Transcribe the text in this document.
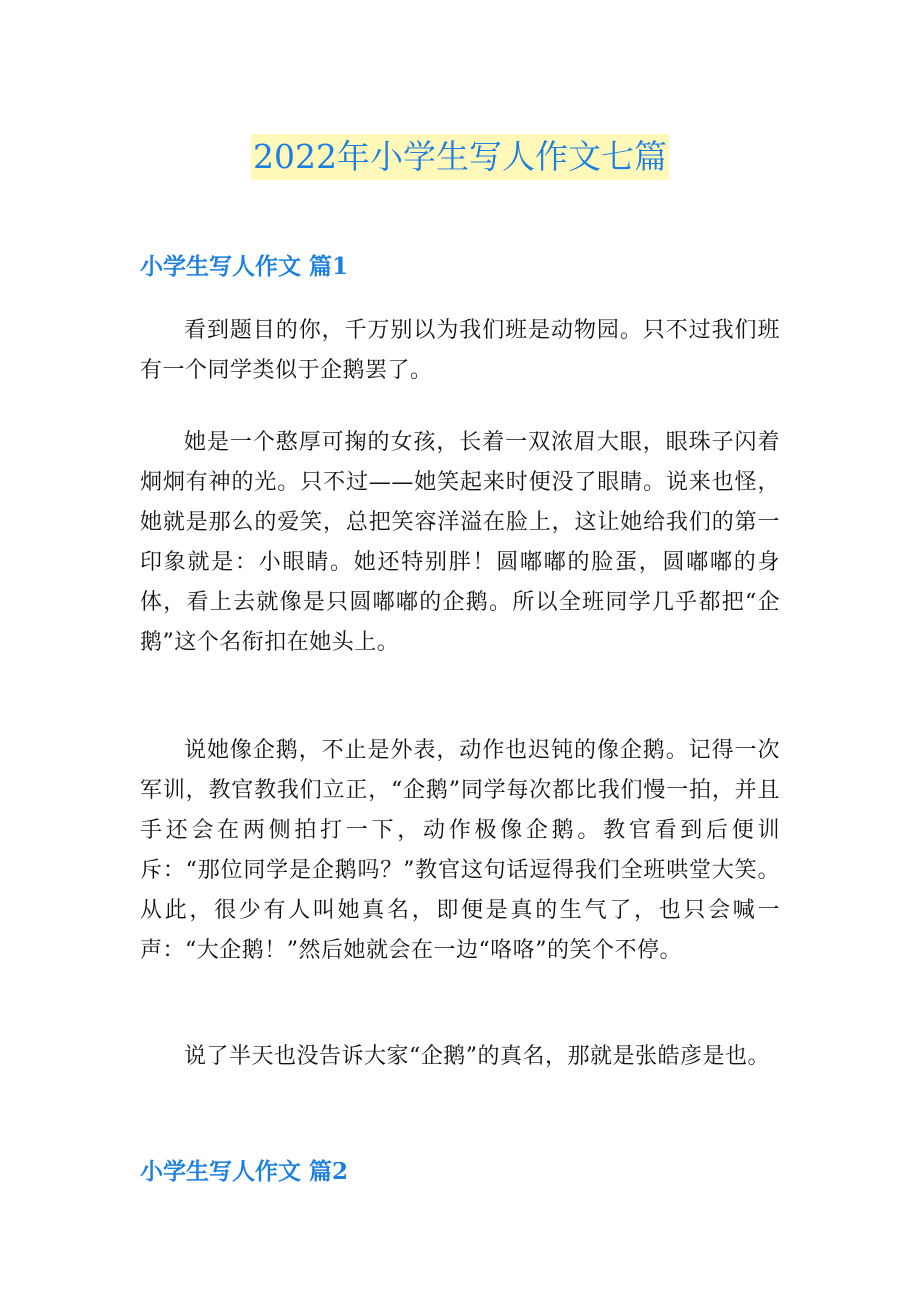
2022年小学生写人作文七篇
小学生写人作文 篇1
看到题目的你，千万别以为我们班是动物园。只不过我们班有一个同学类似于企鹅罢了。
她是一个憨厚可掬的女孩，长着一双浓眉大眼，眼珠子闪着炯炯有神的光。只不过——她笑起来时便没了眼睛。说来也怪，她就是那么的爱笑，总把笑容洋溢在脸上，这让她给我们的第一印象就是：小眼睛。她还特别胖！圆嘟嘟的脸蛋，圆嘟嘟的身体，看上去就像是只圆嘟嘟的企鹅。所以全班同学几乎都把“企鹅”这个名衔扣在她头上。
说她像企鹅，不止是外表，动作也迟钝的像企鹅。记得一次军训，教官教我们立正，“企鹅”同学每次都比我们慢一拍，并且手还会在两侧拍打一下，动作极像企鹅。教官看到后便训斥：“那位同学是企鹅吗？”教官这句话逗得我们全班哄堂大笑。从此，很少有人叫她真名，即便是真的生气了，也只会喊一声：“大企鹅！”然后她就会在一边“咯咯”的笑个不停。
说了半天也没告诉大家“企鹅”的真名，那就是张皓彦是也。
小学生写人作文 篇2
